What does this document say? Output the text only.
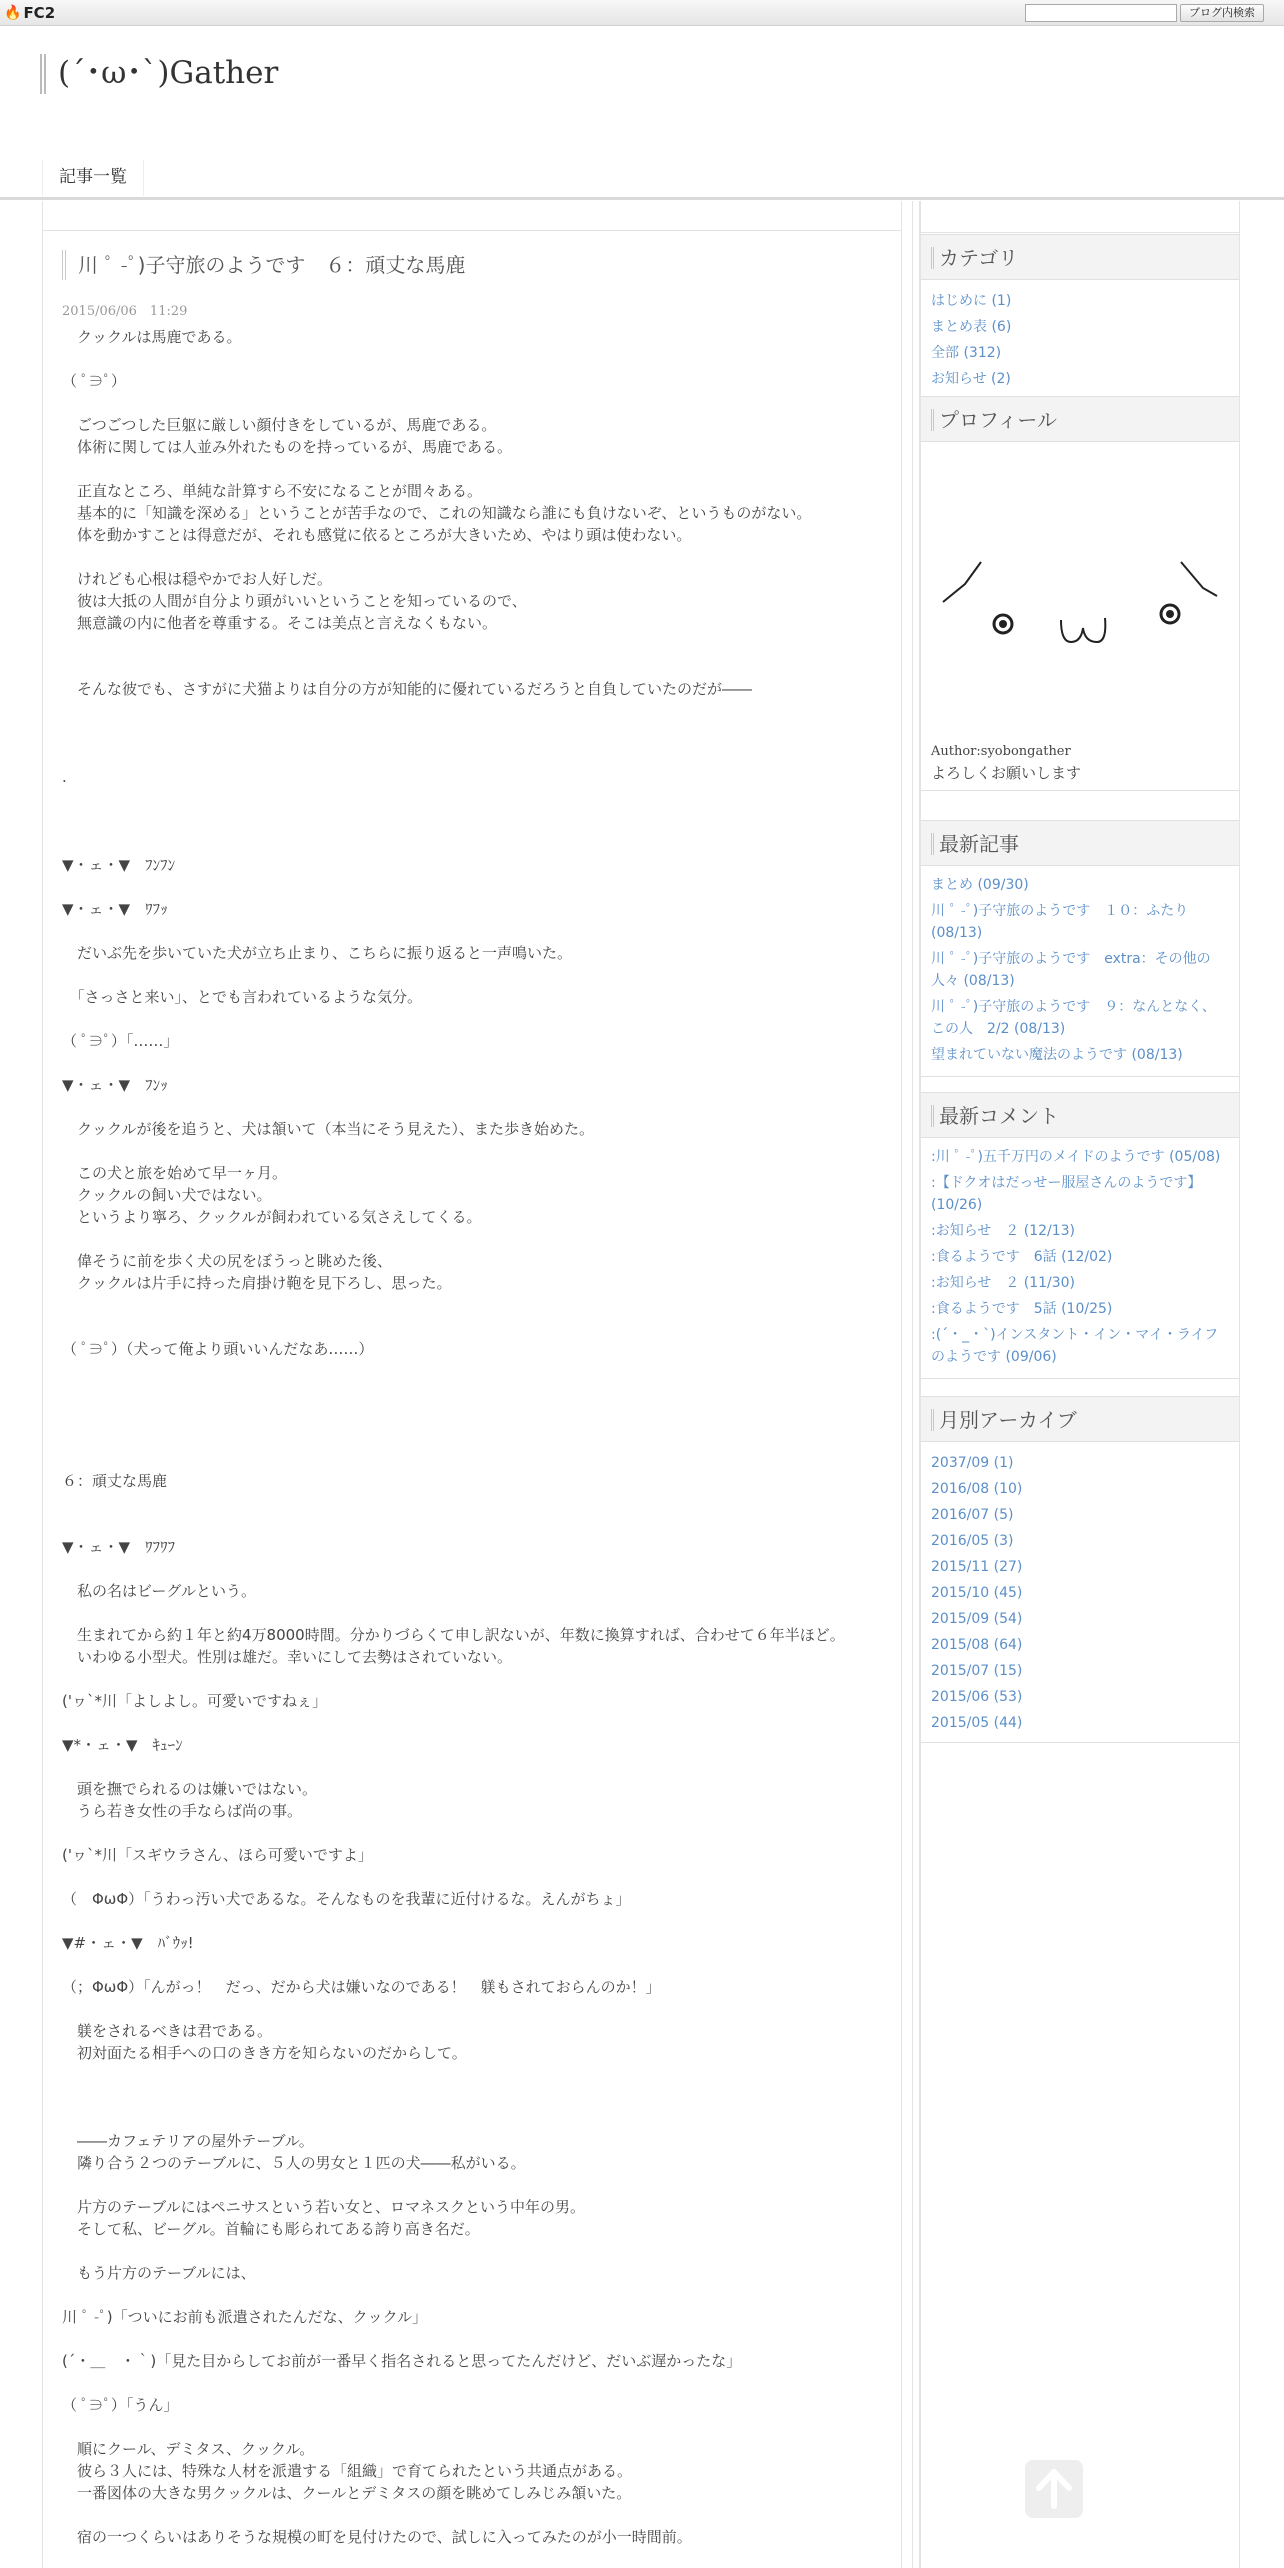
🔥 FC2	ブログ内検索
(´･ω･`)Gather
記事一覧
川 ﾟ -ﾟ)子守旅のようです　６：頑丈な馬鹿
2015/06/06　11:29
　クックルは馬鹿である。
（ ﾟ∋ﾟ）
　ごつごつした巨躯に厳しい顔付きをしているが、馬鹿である。
　体術に関しては人並み外れたものを持っているが、馬鹿である。
　正直なところ、単純な計算すら不安になることが間々ある。
　基本的に「知識を深める」ということが苦手なので、これの知識なら誰にも負けないぞ、というものがない。
　体を動かすことは得意だが、それも感覚に依るところが大きいため、やはり頭は使わない。
　けれども心根は穏やかでお人好しだ。
　彼は大抵の人間が自分より頭がいいということを知っているので、
　無意識の内に他者を尊重する。そこは美点と言えなくもない。
　そんな彼でも、さすがに犬猫よりは自分の方が知能的に優れているだろうと自負していたのだが――
.
▼・ェ・▼　ﾌﾝﾌﾝ
▼・ェ・▼　ﾜﾌｯ
　だいぶ先を歩いていた犬が立ち止まり、こちらに振り返ると一声鳴いた。
　「さっさと来い」、とでも言われているような気分。
（ ﾟ∋ﾟ）「……」
▼・ェ・▼　ﾌﾝｯ
　クックルが後を追うと、犬は頷いて（本当にそう見えた）、また歩き始めた。
　この犬と旅を始めて早一ヶ月。
　クックルの飼い犬ではない。
　というより寧ろ、クックルが飼われている気さえしてくる。
　偉そうに前を歩く犬の尻をぼうっと眺めた後、
　クックルは片手に持った肩掛け鞄を見下ろし、思った。
（ ﾟ∋ﾟ）（犬って俺より頭いいんだなあ……）
６：頑丈な馬鹿
▼・ェ・▼　ﾜﾌﾜﾌ
　私の名はビーグルという。
　生まれてから約１年と約4万8000時間。分かりづらくて申し訳ないが、年数に換算すれば、合わせて６年半ほど。
　いわゆる小型犬。性別は雄だ。幸いにして去勢はされていない。
('ヮ`*川「よしよし。可愛いですねぇ」
▼*・ェ・▼　ｷｭｰﾝ
　頭を撫でられるのは嫌いではない。
　うら若き女性の手ならば尚の事。
('ヮ`*川「スギウラさん、ほら可愛いですよ」
（　ΦωΦ）「うわっ汚い犬であるな。そんなものを我輩に近付けるな。えんがちょ」
▼#・ェ・▼　ﾊﾞｳｯ!
（；ΦωΦ）「んがっ！　だっ、だから犬は嫌いなのである！　躾もされておらんのか！」
　躾をされるべきは君である。
　初対面たる相手への口のきき方を知らないのだからして。
　――カフェテリアの屋外テーブル。
　隣り合う２つのテーブルに、５人の男女と１匹の犬――私がいる。
　片方のテーブルにはペニサスという若い女と、ロマネスクという中年の男。
　そして私、ビーグル。首輪にも彫られてある誇り高き名だ。
　もう片方のテーブルには、
川 ﾟ -ﾟ)「ついにお前も派遣されたんだな、クックル」
(´・＿　・｀)「見た目からしてお前が一番早く指名されると思ってたんだけど、だいぶ遅かったな」
（ ﾟ∋ﾟ）「うん」
　順にクール、デミタス、クックル。
　彼ら３人には、特殊な人材を派遣する「組織」で育てられたという共通点がある。
　一番図体の大きな男クックルは、クールとデミタスの顔を眺めてしみじみ頷いた。
　宿の一つくらいはありそうな規模の町を見付けたので、試しに入ってみたのが小一時間前。
カテゴリ
はじめに (1)
まとめ表 (6)
全部 (312)
お知らせ (2)
プロフィール
Author:syobongather
よろしくお願いします
最新記事
まとめ (09/30)
川 ﾟ -ﾟ)子守旅のようです　１０：ふたり (08/13)
川 ﾟ -ﾟ)子守旅のようです　extra：その他の人々 (08/13)
川 ﾟ -ﾟ)子守旅のようです　９：なんとなく、この人　2/2 (08/13)
望まれていない魔法のようです (08/13)
最新コメント
:川 ﾟ -ﾟ)五千万円のメイドのようです (05/08)
:【ドクオはだっせー服屋さんのようです】 (10/26)
:お知らせ　２ (12/13)
:食るようです　6話 (12/02)
:お知らせ　２ (11/30)
:食るようです　5話 (10/25)
:(´・_・`)インスタント・イン・マイ・ライフのようです (09/06)
月別アーカイブ
2037/09 (1)
2016/08 (10)
2016/07 (5)
2016/05 (3)
2015/11 (27)
2015/10 (45)
2015/09 (54)
2015/08 (64)
2015/07 (15)
2015/06 (53)
2015/05 (44)
